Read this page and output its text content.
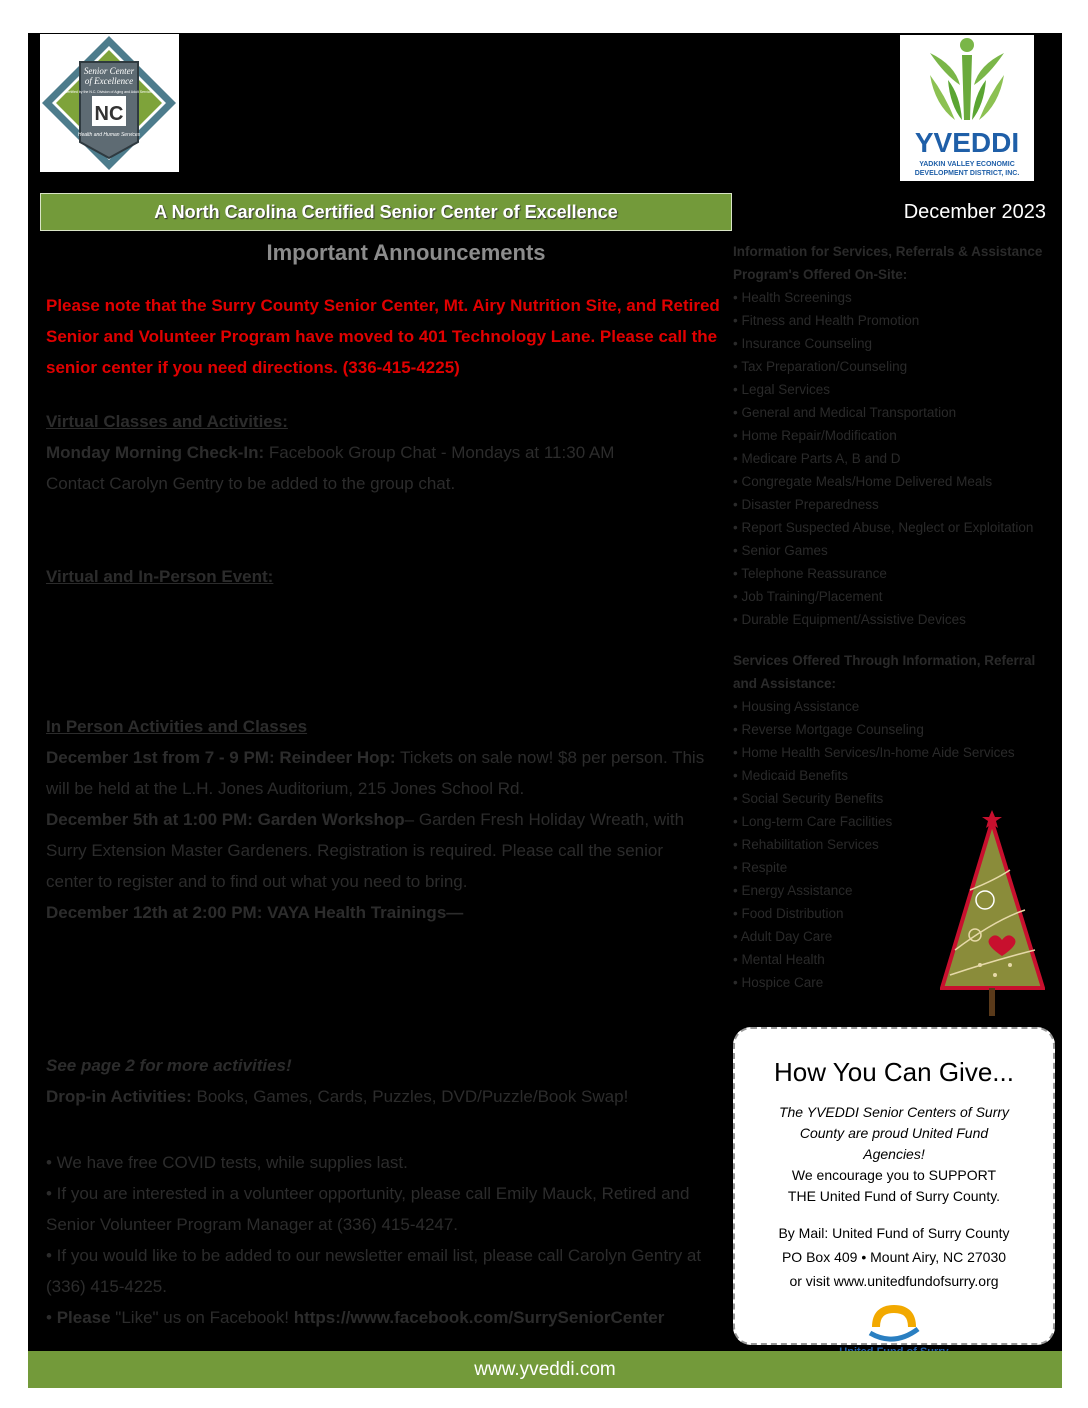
Senior Center
of Excellence
Certified by the N.C. Division of Aging and Adult Services
NC
Health and Human Services	YVEDDI
YADKIN VALLEY ECONOMIC
DEVELOPMENT DISTRICT, INC.
A North Carolina Certified Senior Center of Excellence	December 2023
Important Announcements
Please note that the Surry County Senior Center, Mt. Airy Nutrition Site, and Retired Senior and Volunteer Program have moved to 401 Technology Lane. Please call the senior center if you need directions. (336-415-4225)
Virtual Classes and Activities:
Monday Morning Check-In: Facebook Group Chat - Mondays at 11:30 AM
Contact Carolyn Gentry to be added to the group chat.
Virtual and In-Person Event:
In Person Activities and Classes
December 1st from 7 - 9 PM: Reindeer Hop: Tickets on sale now! $8 per person. This will be held at the L.H. Jones Auditorium, 215 Jones School Rd.
December 5th at 1:00 PM: Garden Workshop– Garden Fresh Holiday Wreath, with Surry Extension Master Gardeners. Registration is required. Please call the senior center to register and to find out what you need to bring.
December 12th at 2:00 PM: VAYA Health Trainings—
See page 2 for more activities!
Drop-in Activities: Books, Games, Cards, Puzzles, DVD/Puzzle/Book Swap!
• We have free COVID tests, while supplies last.
• If you are interested in a volunteer opportunity, please call Emily Mauck, Retired and Senior Volunteer Program Manager at (336) 415-4247.
• If you would like to be added to our newsletter email list, please call Carolyn Gentry at (336) 415-4225.
• Please "Like" us on Facebook! https://www.facebook.com/SurrySeniorCenter
Information for Services, Referrals & Assistance
Program's Offered On-Site:
• Health Screenings
• Fitness and Health Promotion
• Insurance Counseling
• Tax Preparation/Counseling
• Legal Services
• General and Medical Transportation
• Home Repair/Modification
• Medicare Parts A, B and D
• Congregate Meals/Home Delivered Meals
• Disaster Preparedness
• Report Suspected Abuse, Neglect or Exploitation
• Senior Games
• Telephone Reassurance
• Job Training/Placement
• Durable Equipment/Assistive Devices
Services Offered Through Information, Referral and Assistance:
• Housing Assistance
• Reverse Mortgage Counseling
• Home Health Services/In-home Aide Services
• Medicaid Benefits
• Social Security Benefits
• Long-term Care Facilities
• Rehabilitation Services
• Respite
• Energy Assistance
• Food Distribution
• Adult Day Care
• Mental Health
• Hospice Care
How You Can Give...
The YVEDDI Senior Centers of Surry County are proud United Fund Agencies!
We encourage you to SUPPORT THE United Fund of Surry County.
By Mail: United Fund of Surry County
PO Box 409 • Mount Airy, NC 27030
or visit www.unitedfundofsurry.org
www.yveddi.com
